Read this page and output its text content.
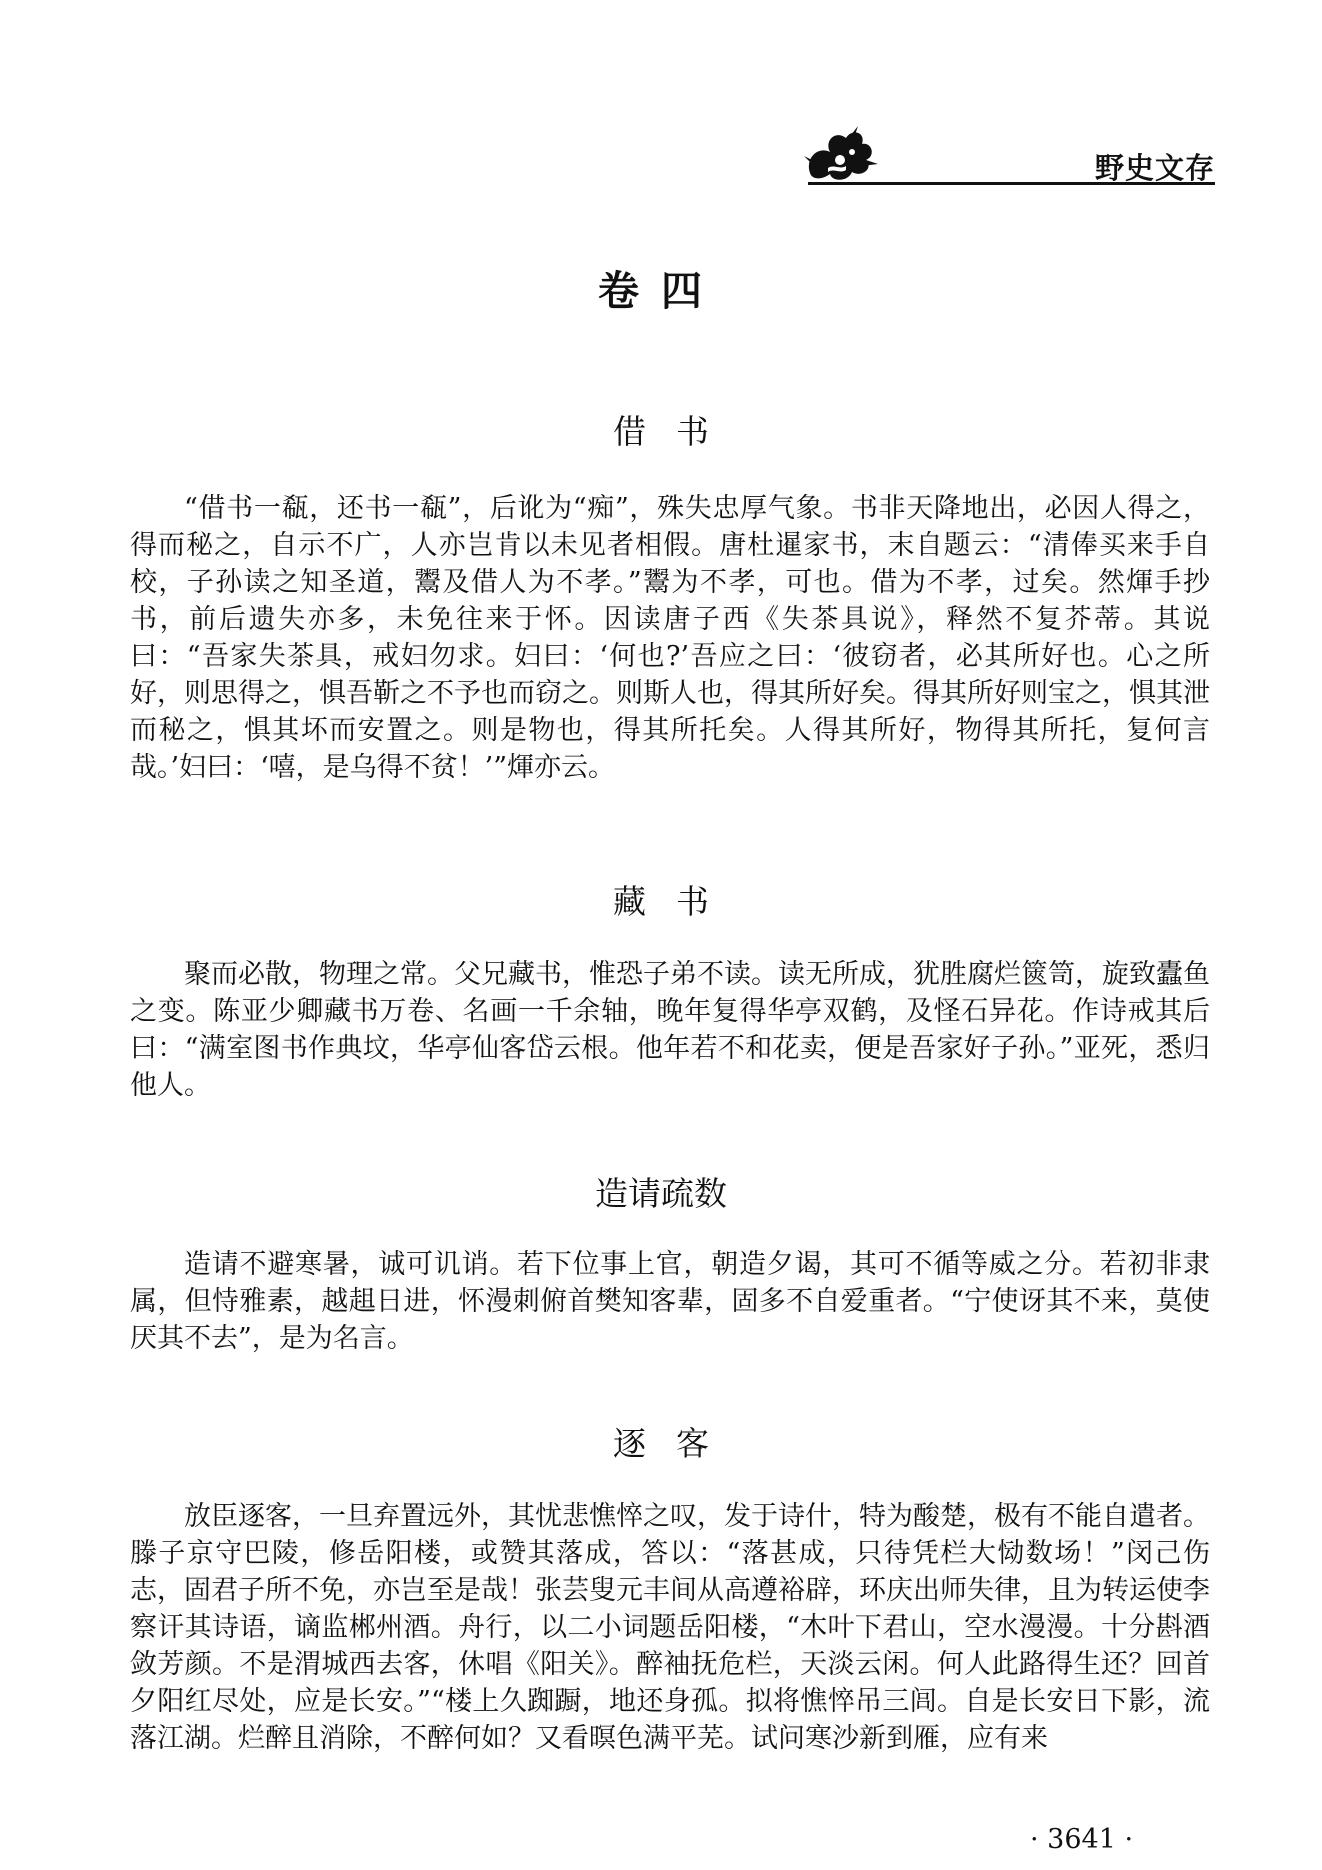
野史文存
卷四
借书

“借书一瓻，还书一瓻”，后讹为“痴”，殊失忠厚气象。书非天降地出，必因人得之，得而秘之，自示不广，人亦岂肯以未见者相假。唐杜暹家书，末自题云：“清俸买来手自校，子孙读之知圣道，鬻及借人为不孝。”鬻为不孝，可也。借为不孝，过矣。然煇手抄书，前后遗失亦多，未免往来于怀。因读唐子西《失茶具说》，释然不复芥蒂。其说曰：“吾家失茶具，戒妇勿求。妇曰：‘何也?’吾应之曰：‘彼窃者，必其所好也。心之所好，则思得之，惧吾靳之不予也而窃之。则斯人也，得其所好矣。得其所好则宝之，惧其泄而秘之，惧其坏而安置之。则是物也，得其所托矣。人得其所好，物得其所托，复何言哉。’妇曰：‘嘻，是乌得不贫！’”煇亦云。

藏书

聚而必散，物理之常。父兄藏书，惟恐子弟不读。读无所成，犹胜腐烂篋笥，旋致蠹鱼之变。陈亚少卿藏书万卷、名画一千余轴，晚年复得华亭双鹤，及怪石异花。作诗戒其后曰：“满室图书作典坟，华亭仙客岱云根。他年若不和花卖，便是吾家好子孙。”亚死，悉归他人。

造请疏数

造请不避寒暑，诚可讥诮。若下位事上官，朝造夕谒，其可不循等威之分。若初非隶属，但恃雅素，越趄日进，怀漫刺俯首樊知客辈，固多不自爱重者。“宁使讶其不来，莫使厌其不去”，是为名言。

逐客

放臣逐客，一旦弃置远外，其忧悲憔悴之叹，发于诗什，特为酸楚，极有不能自遣者。滕子京守巴陵，修岳阳楼，或赞其落成，答以：“落甚成，只待凭栏大恸数场！”闵己伤志，固君子所不免，亦岂至是哉！张芸叟元丰间从高遵裕辟，环庆出师失律，且为转运使李察讦其诗语，谪监郴州酒。舟行，以二小词题岳阳楼，“木叶下君山，空水漫漫。十分斟酒敛芳颜。不是渭城西去客，休唱《阳关》。醉袖抚危栏，天淡云闲。何人此路得生还？回首夕阳红尽处，应是长安。”“楼上久踟蹰，地还身孤。拟将憔悴吊三闾。自是长安日下影，流落江湖。烂醉且消除，不醉何如？又看暝色满平芜。试问寒沙新到雁，应有来

· 3641 ·
